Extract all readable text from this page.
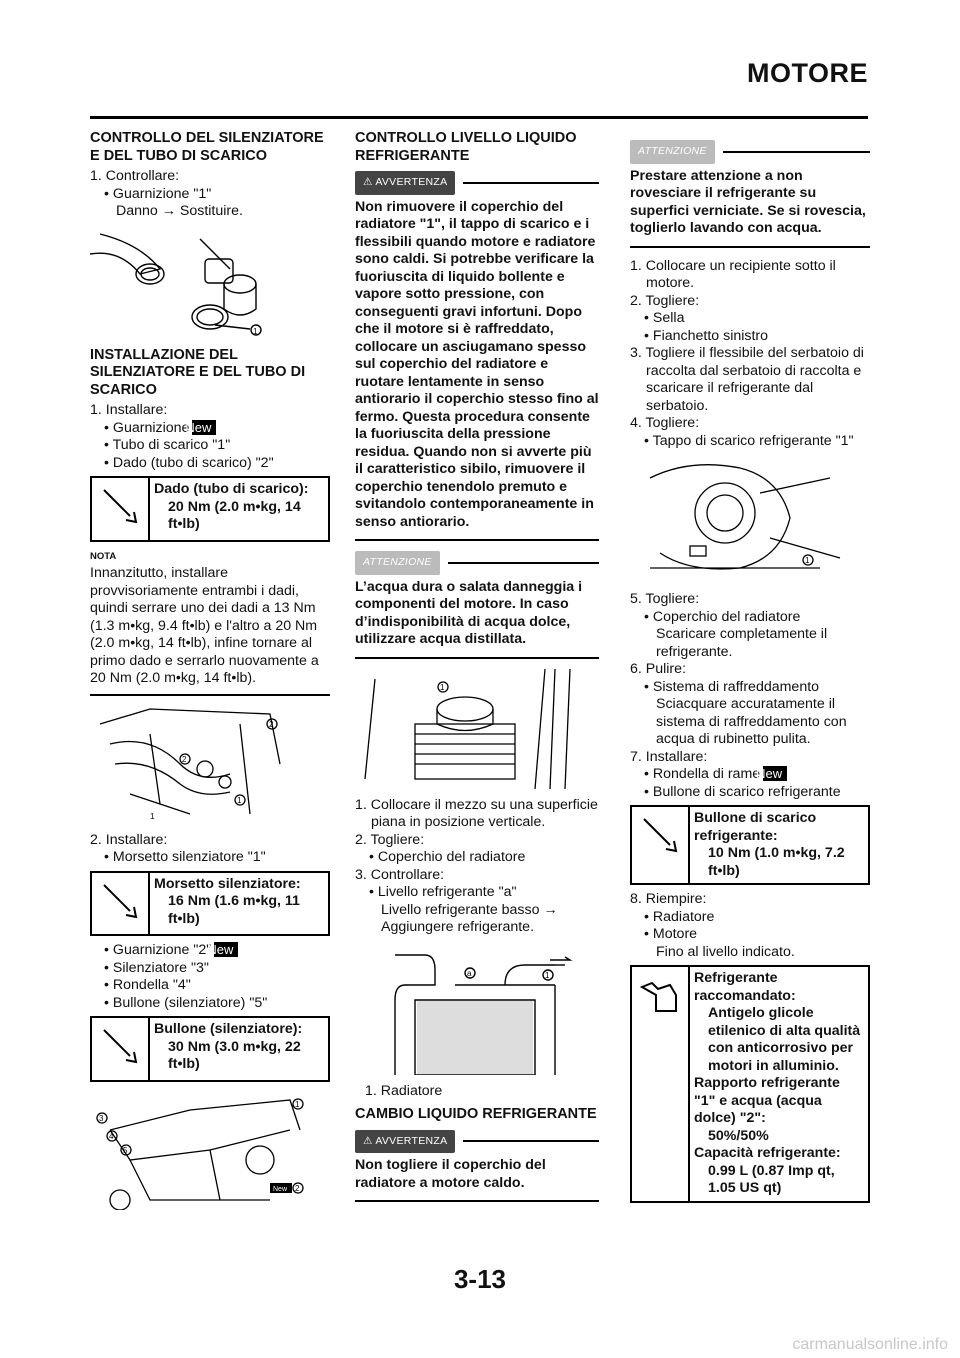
MOTORE
CONTROLLO DEL SILENZIATORE E DEL TUBO DI SCARICO

1. Controllare:

• Guarnizione "1"

Danno → Sostituire.

1
INSTALLAZIONE DEL SILENZIATORE E DEL TUBO DI SCARICO

1. Installare:

• GuarnizioneNew

• Tubo di scarico "1"

• Dado (tubo di scarico) "2"

Dado (tubo di scarico):
20 Nm (2.0 m•kg, 14 ft•lb)
NOTA
Innanzitutto, installare provvisoriamente entrambi i dadi, quindi serrare uno dei dadi a 13 Nm (1.3 m•kg, 9.4 ft•lb) e l'altro a 20 Nm (2.0 m•kg, 14 ft•lb), infine tornare al primo dado e serrarlo nuovamente a 20 Nm (2.0 m•kg, 14 ft•lb).
2
2
1
1

2. Installare:

• Morsetto silenziatore "1"

Morsetto silenziatore:
16 Nm (1.6 m•kg, 11 ft•lb)

• Guarnizione "2"New

• Silenziatore "3"

• Rondella "4"

• Bullone (silenziatore) "5"

Bullone (silenziatore):
30 Nm (3.0 m•kg, 22 ft•lb)
3
4
5
1
2
New
CONTROLLO LIVELLO LIQUIDO REFRIGERANTE
⚠ AVVERTENZA
Non rimuovere il coperchio del radiatore "1", il tappo di scarico e i flessibili quando motore e radiatore sono caldi. Si potrebbe verificare la fuoriuscita di liquido bollente e vapore sotto pressione, con conseguenti gravi infortuni. Dopo che il motore si è raffreddato, collocare un asciugamano spesso sul coperchio del radiatore e ruotare lentamente in senso antiorario il coperchio stesso fino al fermo. Questa procedura consente la fuoriuscita della pressione residua. Quando non si avverte più il caratteristico sibilo, rimuovere il coperchio tenendolo premuto e svitandolo contemporaneamente in senso antiorario.
ATTENZIONE
L’acqua dura o salata danneggia i componenti del motore. In caso d’indisponibilità di acqua dolce, utilizzare acqua distillata.
1

1. Collocare il mezzo su una superficie piana in posizione verticale.

2. Togliere:

• Coperchio del radiatore

3. Controllare:

• Livello refrigerante "a"

Livello refrigerante basso → Aggiungere refrigerante.

a	1

1. Radiatore

CAMBIO LIQUIDO REFRIGERANTE
⚠ AVVERTENZA
Non togliere il coperchio del radiatore a motore caldo.
ATTENZIONE
Prestare attenzione a non rovesciare il refrigerante su superfici verniciate. Se si rovescia, toglierlo lavando con acqua.

1. Collocare un recipiente sotto il motore.

2. Togliere:

• Sella

• Fianchetto sinistro

3. Togliere il flessibile del serbatoio di raccolta dal serbatoio di raccolta e scaricare il refrigerante dal serbatoio.

4. Togliere:

• Tappo di scarico refrigerante "1"

1

5. Togliere:

• Coperchio del radiatore

Scaricare completamente il refrigerante.

6. Pulire:

• Sistema di raffreddamento

Sciacquare accuratamente il sistema di raffreddamento con acqua di rubinetto pulita.

7. Installare:

• Rondella di rameNew

• Bullone di scarico refrigerante

Bullone di scarico refrigerante:
10 Nm (1.0 m•kg, 7.2 ft•lb)

8. Riempire:

• Radiatore

• Motore

Fino al livello indicato.

Refrigerante raccomandato:
Antigelo glicole etilenico di alta qualità con anticorrosivo per motori in alluminio.
Rapporto refrigerante "1" e acqua (acqua dolce) "2":
50%/50%
Capacità refrigerante:
0.99 L (0.87 Imp qt, 1.05 US qt)
3-13
carmanualsonline.info
